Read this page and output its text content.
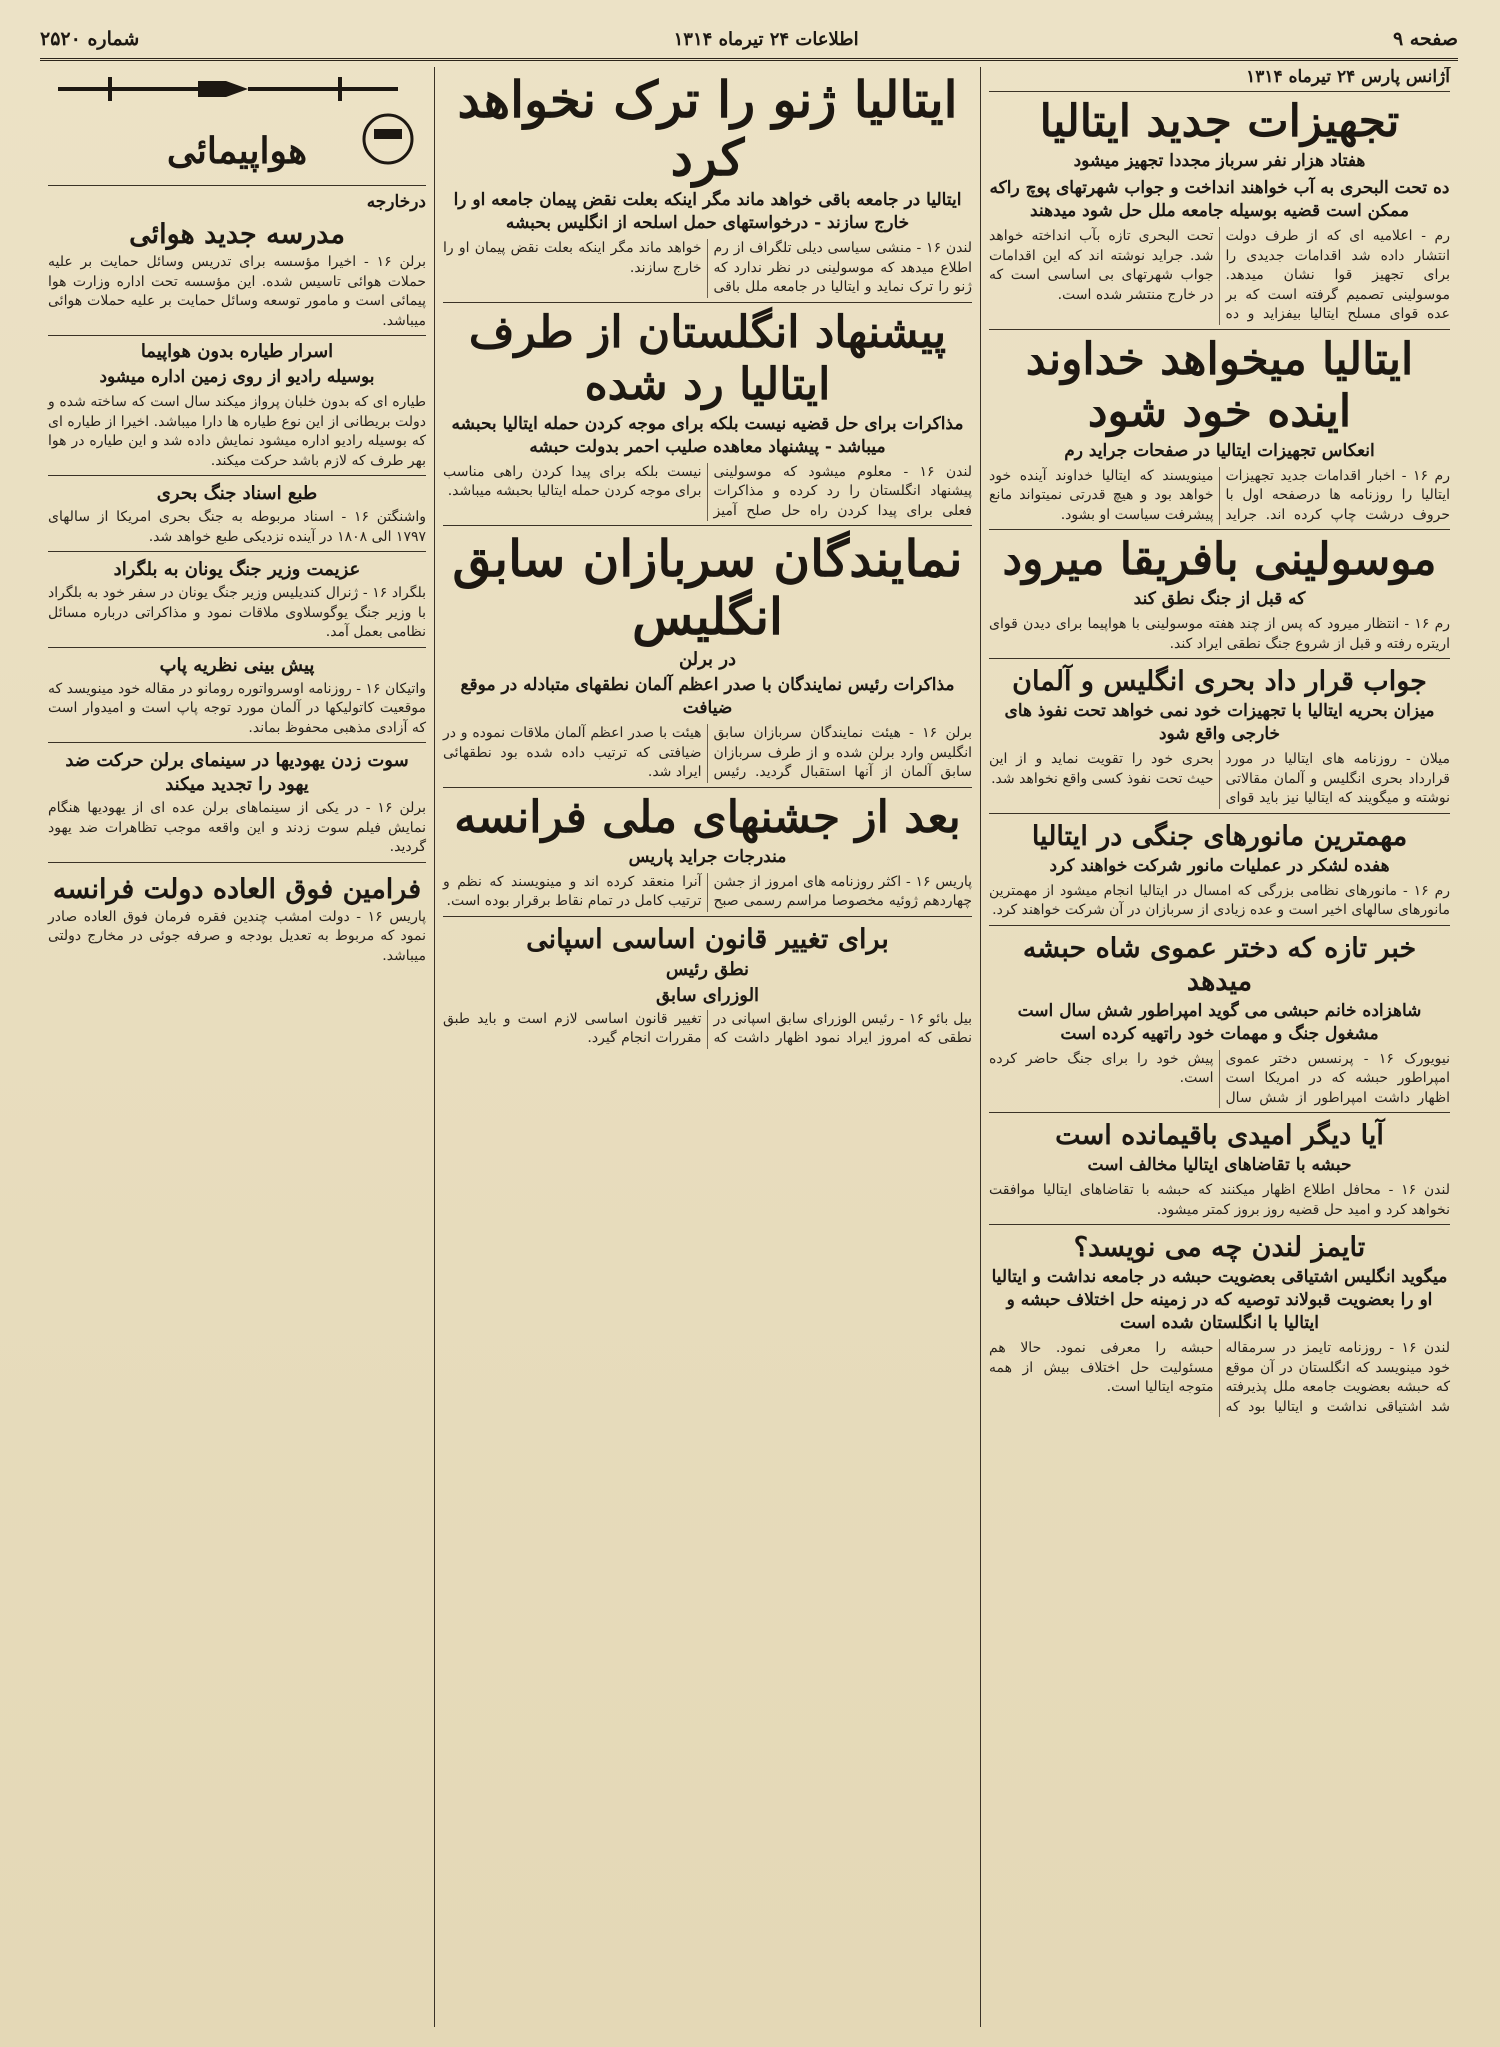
صفحه ۹
اطلاعات ۲۴ تیرماه ۱۳۱۴
شماره ۲۵۲۰
آژانس پارس ۲۴ تیرماه ۱۳۱۴
تجهیزات جدید ایتالیا
هفتاد هزار نفر سرباز مجددا تجهیز میشود
ده تحت البحری به آب خواهند انداخت و جواب شهرتهای پوچ راکه ممکن است قضیه بوسیله جامعه ملل حل شود میدهند

رم - اعلامیه ای که از طرف دولت انتشار داده شد اقدامات جدیدی را برای تجهیز قوا نشان میدهد. موسولینی تصمیم گرفته است که بر عده قوای مسلح ایتالیا بیفزاید و ده تحت البحری تازه بآب انداخته خواهد شد. جراید نوشته اند که این اقدامات جواب شهرتهای بی اساسی است که در خارج منتشر شده است.

ایتالیا میخواهد خداوند اینده خود شود
انعکاس تجهیزات ایتالیا در صفحات جراید رم

رم ۱۶ - اخبار اقدامات جدید تجهیزات ایتالیا را روزنامه ها درصفحه اول با حروف درشت چاپ کرده اند. جراید مینویسند که ایتالیا خداوند آینده خود خواهد بود و هیچ قدرتی نمیتواند مانع پیشرفت سیاست او بشود.

موسولینی بافریقا میرود
که قبل از جنگ نطق کند

رم ۱۶ - انتظار میرود که پس از چند هفته موسولینی با هواپیما برای دیدن قوای اریتره رفته و قبل از شروع جنگ نطقی ایراد کند.

جواب قرار داد بحری انگلیس و آلمان
میزان بحریه ایتالیا با تجهیزات خود نمی خواهد تحت نفوذ های خارجی واقع شود

میلان - روزنامه های ایتالیا در مورد قرارداد بحری انگلیس و آلمان مقالاتی نوشته و میگویند که ایتالیا نیز باید قوای بحری خود را تقویت نماید و از این حیث تحت نفوذ کسی واقع نخواهد شد.

مهمترین مانورهای جنگی در ایتالیا
هفده لشکر در عملیات مانور شرکت خواهند کرد

رم ۱۶ - مانورهای نظامی بزرگی که امسال در ایتالیا انجام میشود از مهمترین مانورهای سالهای اخیر است و عده زیادی از سربازان در آن شرکت خواهند کرد.

خبر تازه که دختر عموی شاه حبشه میدهد
شاهزاده خانم حبشی می گوید امپراطور شش سال است مشغول جنگ و مهمات خود راتهیه کرده است

نیویورک ۱۶ - پرنسس دختر عموی امپراطور حبشه که در امریکا است اظهار داشت امپراطور از شش سال پیش خود را برای جنگ حاضر کرده است.

آیا دیگر امیدی باقیمانده است
حبشه با تقاضاهای ایتالیا مخالف است

لندن ۱۶ - محافل اطلاع اظهار میکنند که حبشه با تقاضاهای ایتالیا موافقت نخواهد کرد و امید حل قضیه روز بروز کمتر میشود.

تایمز لندن چه می نویسد؟
میگوید انگلیس اشتیاقی بعضویت حبشه در جامعه نداشت و ایتالیا او را بعضویت قبولاند توصیه که در زمینه حل اختلاف حبشه و ایتالیا با انگلستان شده است

لندن ۱۶ - روزنامه تایمز در سرمقاله خود مینویسد که انگلستان در آن موقع که حبشه بعضویت جامعه ملل پذیرفته شد اشتیاقی نداشت و ایتالیا بود که حبشه را معرفی نمود. حالا هم مسئولیت حل اختلاف بیش از همه متوجه ایتالیا است.

ایتالیا ژنو را ترک نخواهد کرد
ایتالیا در جامعه باقی خواهد ماند مگر اینکه بعلت نقض پیمان جامعه او را خارج سازند - درخواستهای حمل اسلحه از انگلیس بحبشه

لندن ۱۶ - منشی سیاسی دیلی تلگراف از رم اطلاع میدهد که موسولینی در نظر ندارد که ژنو را ترک نماید و ایتالیا در جامعه ملل باقی خواهد ماند مگر اینکه بعلت نقض پیمان او را خارج سازند.

پیشنهاد انگلستان از طرف ایتالیا رد شده
مذاکرات برای حل قضیه نیست بلکه برای موجه کردن حمله ایتالیا بحبشه میباشد - پیشنهاد معاهده صلیب احمر بدولت حبشه

لندن ۱۶ - معلوم میشود که موسولینی پیشنهاد انگلستان را رد کرده و مذاکرات فعلی برای پیدا کردن راه حل صلح آمیز نیست بلکه برای پیدا کردن راهی مناسب برای موجه کردن حمله ایتالیا بحبشه میباشد.

نمایندگان سربازان سابق انگلیس
در برلن
مذاکرات رئیس نمایندگان با صدر اعظم آلمان نطقهای متبادله در موقع ضیافت

برلن ۱۶ - هیئت نمایندگان سربازان سابق انگلیس وارد برلن شده و از طرف سربازان سابق آلمان از آنها استقبال گردید. رئیس هیئت با صدر اعظم آلمان ملاقات نموده و در ضیافتی که ترتیب داده شده بود نطقهائی ایراد شد.

بعد از جشنهای ملی فرانسه
مندرجات جراید پاریس

پاریس ۱۶ - اکثر روزنامه های امروز از جشن چهاردهم ژوئیه مخصوصا مراسم رسمی صبح آنرا منعقد کرده اند و مینویسند که نظم و ترتیب کامل در تمام نقاط برقرار بوده است.

برای تغییر قانون اساسی اسپانی
نطق رئیس
الوزرای سابق

بیل بائو ۱۶ - رئیس الوزرای سابق اسپانی در نطقی که امروز ایراد نمود اظهار داشت که تغییر قانون اساسی لازم است و باید طبق مقررات انجام گیرد.

هواپیمائی
درخارجه
مدرسه جدید هوائی

برلن ۱۶ - اخیرا مؤسسه برای تدریس وسائل حمایت بر علیه حملات هوائی تاسیس شده. این مؤسسه تحت اداره وزارت هوا پیمائی است و مامور توسعه وسائل حمایت بر علیه حملات هوائی میباشد.

اسرار طیاره بدون هواپیما
بوسیله رادیو از روی زمین اداره میشود

طیاره ای که بدون خلبان پرواز میکند سال است که ساخته شده و دولت بریطانی از این نوع طیاره ها دارا میباشد. اخیرا از طیاره ای که بوسیله رادیو اداره میشود نمایش داده شد و این طیاره در هوا بهر طرف که لازم باشد حرکت میکند.

طبع اسناد جنگ بحری

واشنگتن ۱۶ - اسناد مربوطه به جنگ بحری امریکا از سالهای ۱۷۹۷ الی ۱۸۰۸ در آینده نزدیکی طبع خواهد شد.

عزیمت وزیر جنگ یونان به بلگراد

بلگراد ۱۶ - ژنرال کندیلیس وزیر جنگ یونان در سفر خود به بلگراد با وزیر جنگ یوگوسلاوی ملاقات نمود و مذاکراتی درباره مسائل نظامی بعمل آمد.

پیش بینی نظریه پاپ

واتیکان ۱۶ - روزنامه اوسرواتوره رومانو در مقاله خود مینویسد که موقعیت کاتولیکها در آلمان مورد توجه پاپ است و امیدوار است که آزادی مذهبی محفوظ بماند.

سوت زدن یهودیها در سینمای برلن حرکت ضد یهود را تجدید میکند

برلن ۱۶ - در یکی از سینماهای برلن عده ای از یهودیها هنگام نمایش فیلم سوت زدند و این واقعه موجب تظاهرات ضد یهود گردید.

فرامین فوق العاده دولت فرانسه

پاریس ۱۶ - دولت امشب چندین فقره فرمان فوق العاده صادر نمود که مربوط به تعدیل بودجه و صرفه جوئی در مخارج دولتی میباشد.
